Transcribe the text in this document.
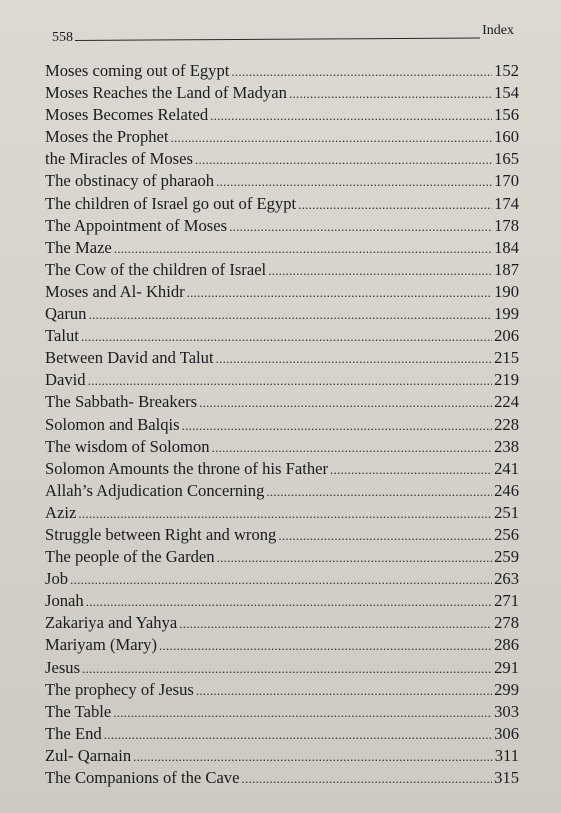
558	Index
Moses coming out of Egypt . . .	152
Moses Reaches the Land of Madyan . . .	154
Moses Becomes Related . . .	156
Moses the Prophet . . .	160
the Miracles of Moses . . .	165
The obstinacy of pharaoh . . .	170
The children of Israel go out of Egypt . . .	174
The Appointment of Moses . . .	178
The Maze . . .	184
The Cow of the children of Israel . . .	187
Moses and Al- Khidr . . .	190
Qarun . . .	199
Talut . . .	206
Between David and Talut . . .	215
David . . .	219
The Sabbath- Breakers . . .	224
Solomon and Balqis . . .	228
The wisdom of Solomon . . .	238
Solomon Amounts the throne of his Father . . .	241
Allah’s Adjudication Concerning . . .	246
Aziz . . .	251
Struggle between Right and wrong . . .	256
The people of the Garden . . .	259
Job . . .	263
Jonah . . .	271
Zakariya and Yahya . . .	278
Mariyam (Mary) . . .	286
Jesus . . .	291
The prophecy of Jesus . . .	299
The Table . . .	303
The End . . .	306
Zul- Qarnain . . .	311
The Companions of the Cave . . .	315
